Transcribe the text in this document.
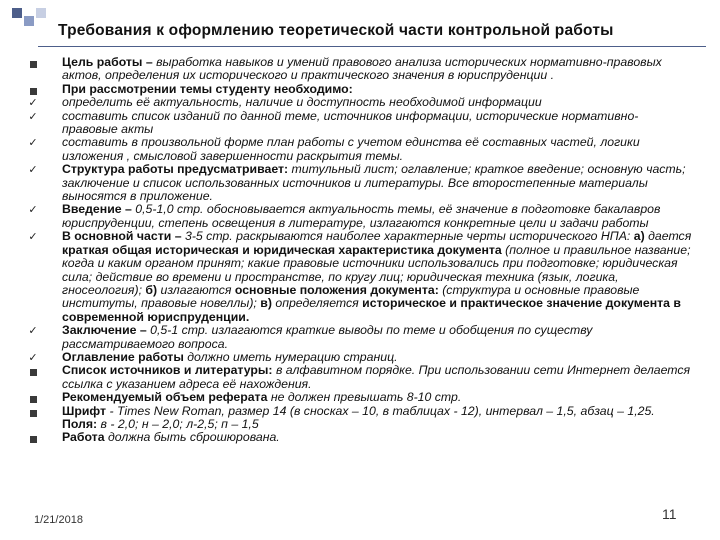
Требования к оформлению теоретической части контрольной работы
Цель работы – выработка навыков и умений правового анализа исторических нормативно-правовых актов, определения их исторического и практического значения в юриспруденции .
При рассмотрении темы студенту необходимо:
✓ определить её актуальность, наличие и доступность необходимой информации
✓ составить список изданий по данной теме, источников информации, исторические нормативно-правовые акты
✓ составить в произвольной форме план работы с учетом единства её составных частей, логики изложения , смысловой завершенности раскрытия темы.
✓ Структура работы предусматривает: титульный лист; оглавление; краткое введение; основную часть; заключение и список использованных источников и литературы. Все второстепенные материалы выносятся в приложение.
✓ Введение – 0,5-1,0 стр. обосновывается актуальность темы, её значение в подготовке бакалавров юриспруденции, степень освещения в литературе, излагаются конкретные цели и задачи работы
✓ В основной части – 3-5 стр. раскрываются наиболее характерные черты исторического НПА: а) дается краткая общая историческая и юридическая характеристика документа (полное и правильное название; когда и каким органом принят; какие правовые источники использовались при подготовке; юридическая сила; действие во времени и пространстве, по кругу лиц; юридическая техника (язык, логика, гносеология); б) излагаются основные положения документа: (структура и основные правовые институты, правовые новеллы); в) определяется историческое и практическое значение документа в современной юриспруденции.
✓ Заключение – 0,5-1 стр. излагаются краткие выводы по теме и обобщения по существу рассматриваемого вопроса.
✓ Оглавление работы должно иметь нумерацию страниц.
Список источников и литературы: в алфавитном порядке. При использовании сети Интернет делается ссылка с указанием адреса её нахождения.
Рекомендуемый объем реферата не должен превышать 8-10 стр.
Шрифт - Times New Roman, размер 14 (в сносках – 10, в таблицах - 12), интервал – 1,5, абзац – 1,25. Поля: в - 2,0; н – 2,0; л-2,5; п – 1,5
Работа должна быть сброшюрована.
1/21/2018	11
